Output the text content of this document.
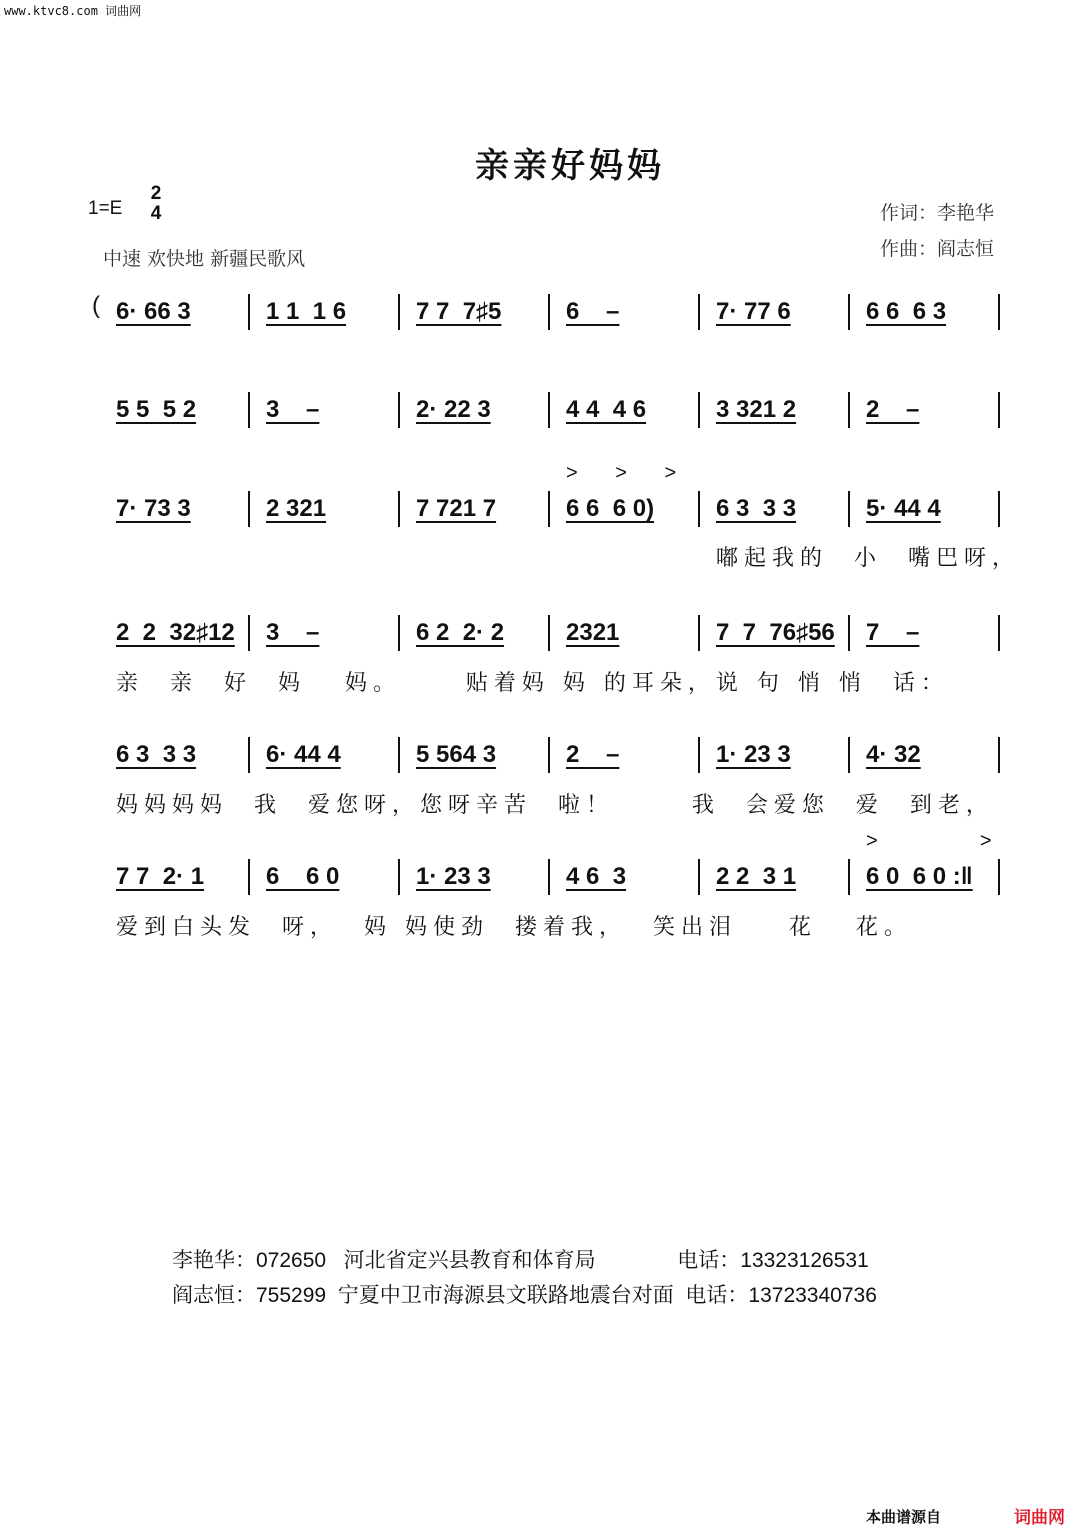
www.ktvc8.com 词曲网
亲亲好妈妈
1=E
2
4
中速 欢快地 新疆民歌风
作词：李艳华
作曲：阎志恒
( 6· 66 3	1 1  1 6	7 7  7♯5	6    –	7· 77 6	6 6  6 3
5 5  5 2	3    –	2· 22 3	4 4  4 6	3 321 2	2    –
7· 73 3	2 321	7 721 7	6 6  6 0)
> > >
6 3  3 3	5· 44 4
嘟起我的  小  嘴巴呀，
2  2  32♯12	3    –	6 2  2· 2	2321	7  7  76♯56	7    –
亲  亲  好  妈   妈。     贴着妈 妈 的耳朵，说 句 悄 悄  话：
6 3  3 3	6· 44 4	5 564 3	2    –	1· 23 3	4· 32
妈妈妈妈  我  爱您呀，您呀辛苦  啦！      我  会爱您  爱  到老，
7 7  2· 1	6    6 0	1· 23 3	4 6  3	2 2  3 1	6 0  6 0 :‖
>    >
爱到白头发  呀，  妈 妈使劲  搂着我，  笑出泪    花   花。
李艳华：072650   河北省定兴县教育和体育局              电话：13323126531
阎志恒：755299  宁夏中卫市海源县文联路地震台对面  电话：13723340736
本曲谱源自	词曲网
